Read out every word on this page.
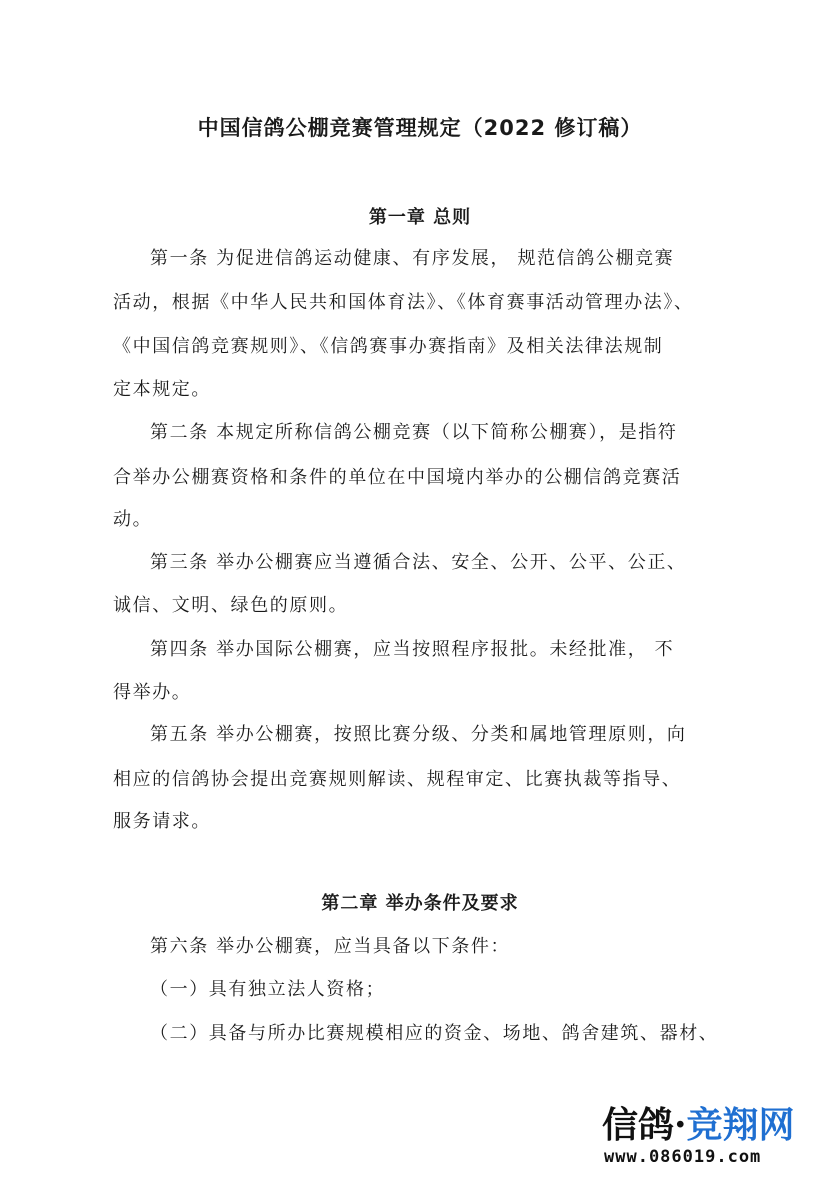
中国信鸽公棚竞赛管理规定（2022 修订稿）
第一章 总则
第一条 为促进信鸽运动健康、有序发展， 规范信鸽公棚竞赛
活动，根据《中华人民共和国体育法》、《体育赛事活动管理办法》、
《中国信鸽竞赛规则》、《信鸽赛事办赛指南》及相关法律法规制
定本规定。
第二条 本规定所称信鸽公棚竞赛（以下简称公棚赛），是指符
合举办公棚赛资格和条件的单位在中国境内举办的公棚信鸽竞赛活
动。
第三条 举办公棚赛应当遵循合法、安全、公开、公平、公正、
诚信、文明、绿色的原则。
第四条 举办国际公棚赛，应当按照程序报批。未经批准， 不
得举办。
第五条 举办公棚赛，按照比赛分级、分类和属地管理原则，向
相应的信鸽协会提出竞赛规则解读、规程审定、比赛执裁等指导、
服务请求。
第二章 举办条件及要求
第六条 举办公棚赛，应当具备以下条件：
（一）具有独立法人资格；
（二）具备与所办比赛规模相应的资金、场地、鸽舍建筑、器材、
信鸽·竞翔网
www.086019.com
